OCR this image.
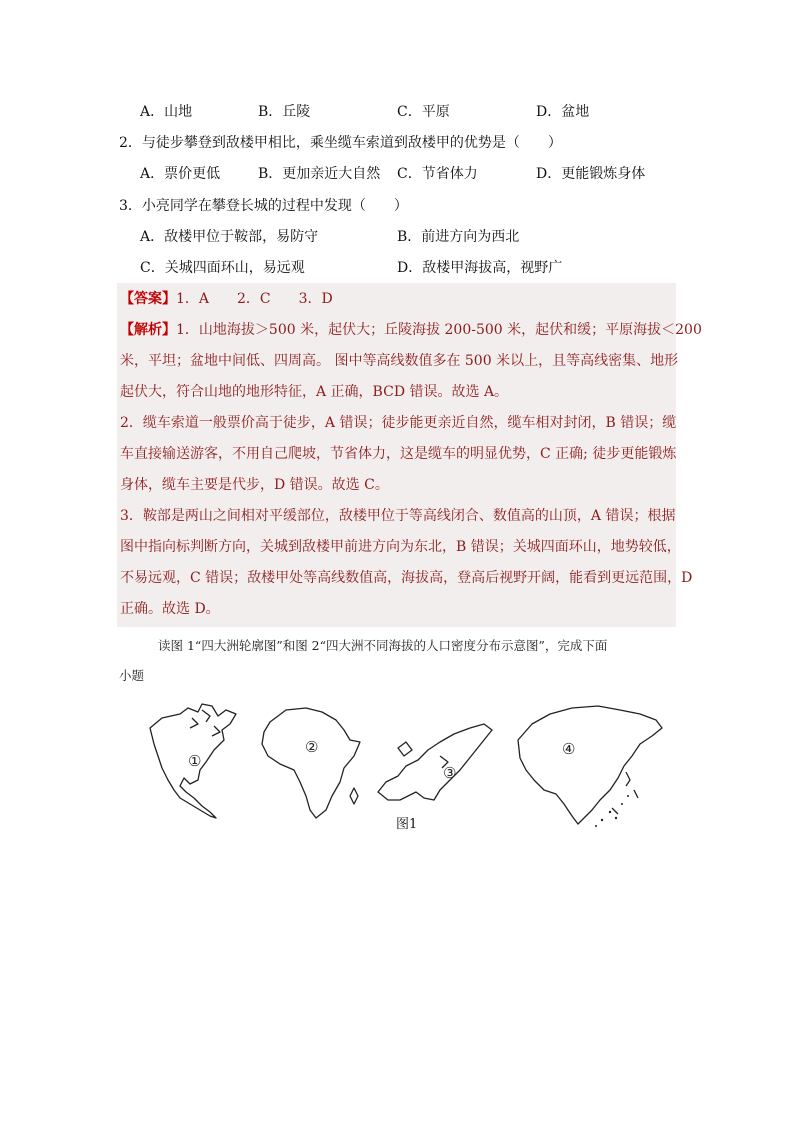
A．山地	B．丘陵	C．平原	D．盆地
2．与徒步攀登到敌楼甲相比，乘坐缆车索道到敌楼甲的优势是（　　）
A．票价更低	B．更加亲近大自然 C．节省体力	D．更能锻炼身体
3．小亮同学在攀登长城的过程中发现（　　）
A．敌楼甲位于鞍部，易防守	B．前进方向为西北
C．关城四面环山，易远观	D．敌楼甲海拔高，视野广
【答案】1．A　　2．C　　3．D
【解析】1．山地海拔＞500 米，起伏大；丘陵海拔 200-500 米，起伏和缓；平原海拔＜200
米，平坦；盆地中间低、四周高。 图中等高线数值多在 500 米以上，且等高线密集、地形
起伏大，符合山地的地形特征，A 正确，BCD 错误。故选 A。
2．缆车索道一般票价高于徒步，A 错误；徒步能更亲近自然，缆车相对封闭，B 错误；缆
车直接输送游客，不用自己爬坡，节省体力，这是缆车的明显优势，C 正确; 徒步更能锻炼
身体，缆车主要是代步，D 错误。故选 C。
3．鞍部是两山之间相对平缓部位，敌楼甲位于等高线闭合、数值高的山顶，A 错误；根据
图中指向标判断方向，关城到敌楼甲前进方向为东北，B 错误；关城四面环山，地势较低，
不易远观，C 错误；敌楼甲处等高线数值高，海拔高，登高后视野开阔，能看到更远范围，D
正确。故选 D。
读图 1“四大洲轮廓图”和图 2“四大洲不同海拔的人口密度分布示意图”，完成下面
小题
①
②
③
④
图1
